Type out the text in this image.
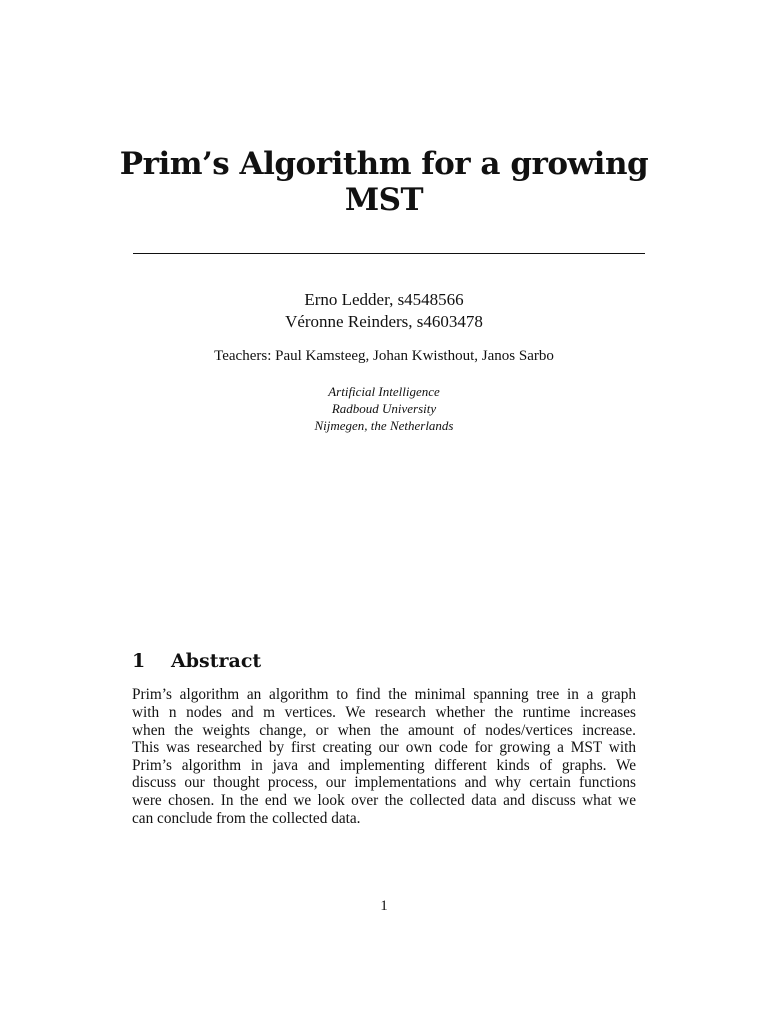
Prim’s Algorithm for a growing
MST
Erno Ledder, s4548566
Véronne Reinders, s4603478
Teachers: Paul Kamsteeg, Johan Kwisthout, Janos Sarbo
Artificial Intelligence
Radboud University
Nijmegen, the Netherlands
1 Abstract
Prim’s algorithm an algorithm to find the minimal spanning tree in a graph
with n nodes and m vertices. We research whether the runtime increases
when the weights change, or when the amount of nodes/vertices increase.
This was researched by first creating our own code for growing a MST with
Prim’s algorithm in java and implementing different kinds of graphs. We
discuss our thought process, our implementations and why certain functions
were chosen. In the end we look over the collected data and discuss what we
can conclude from the collected data.
1
